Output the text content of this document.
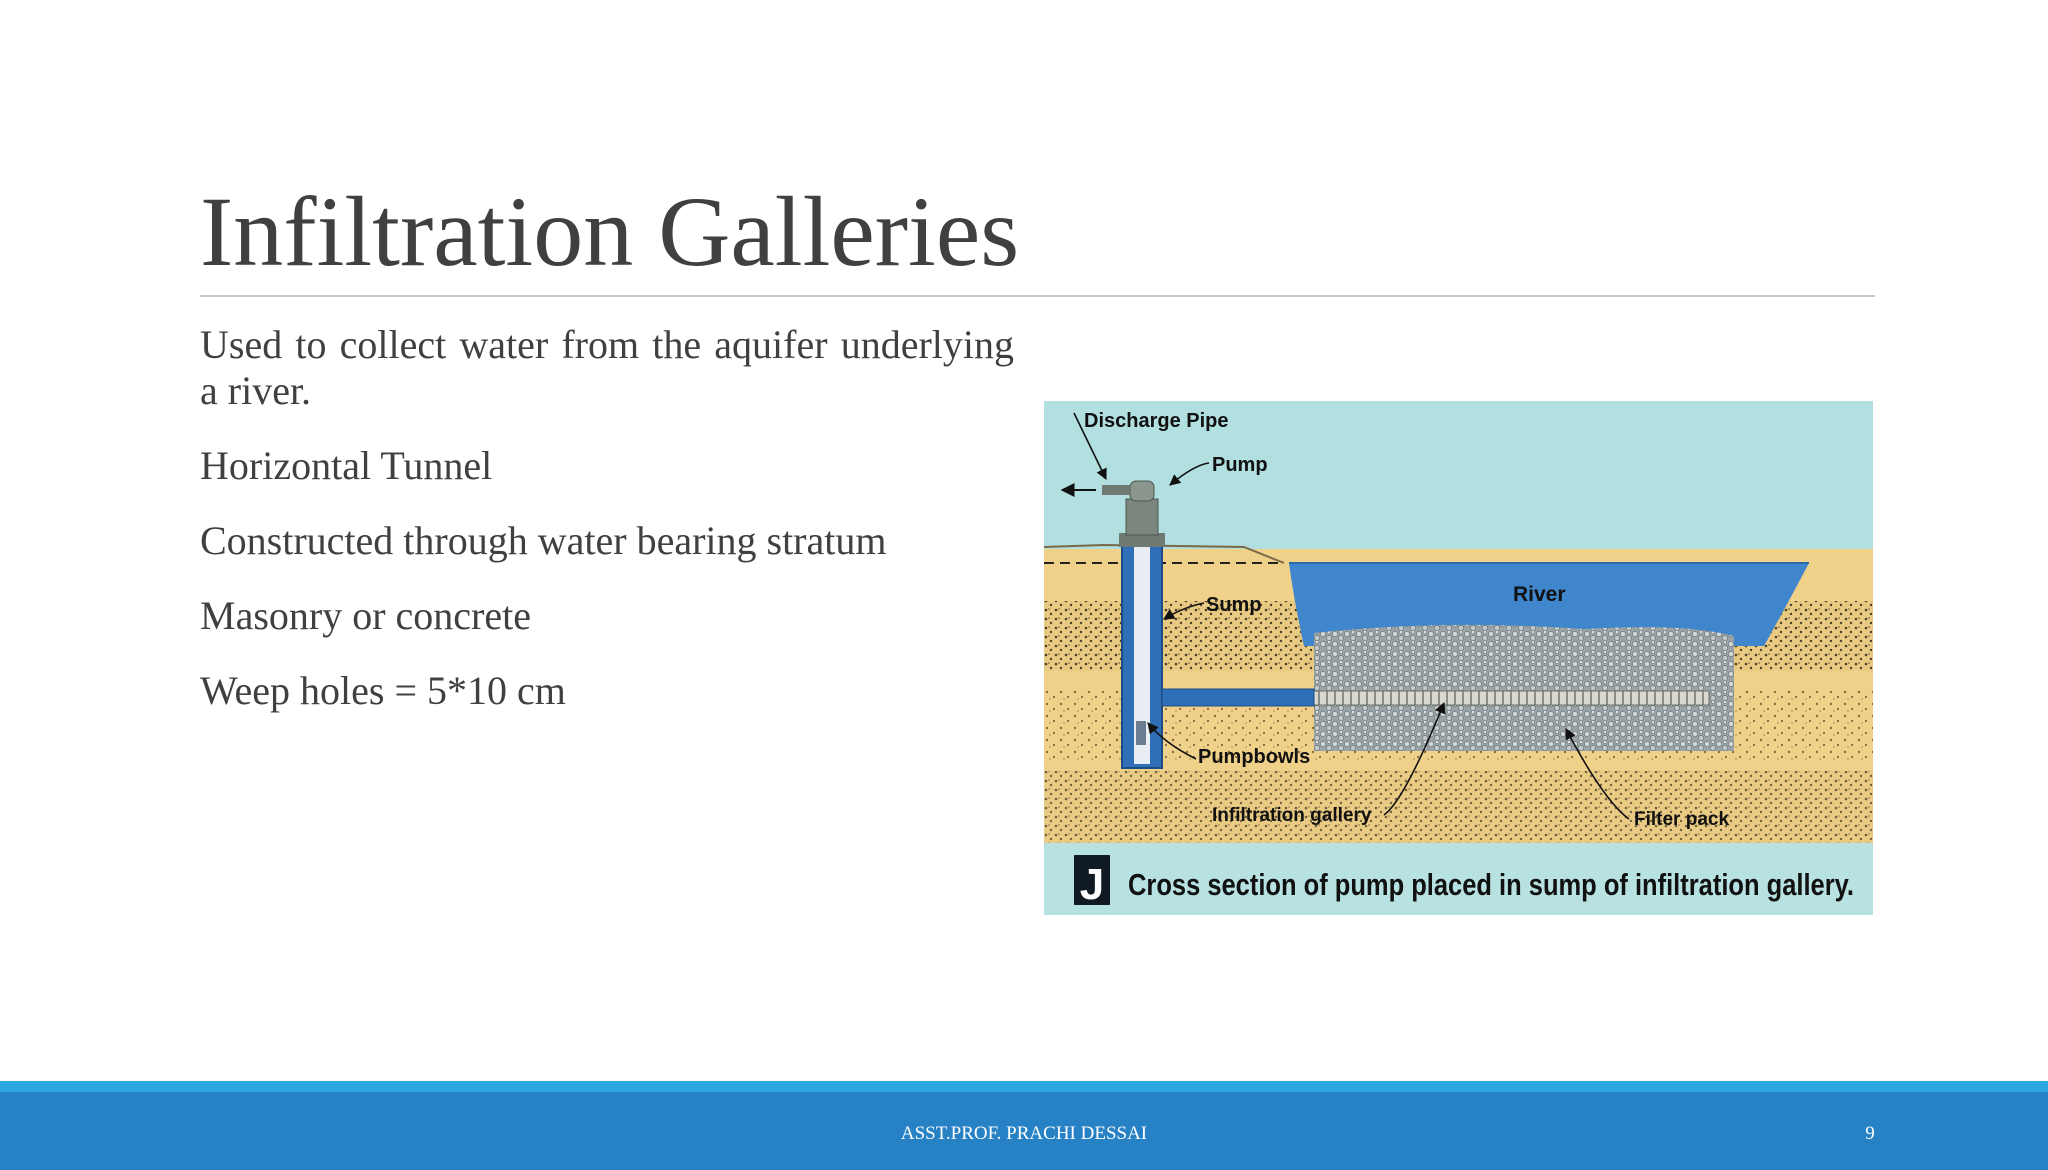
Infiltration Galleries
Used to collect water from the aquifer underlying a river.
Horizontal Tunnel
Constructed through water bearing stratum
Masonry or concrete
Weep holes = 5*10 cm
Discharge Pipe
Pump
Sump	River
Pumpbowls
Infiltration gallery	Filter pack
J Cross section of pump placed in sump of infiltration gallery.
ASST.PROF. PRACHI DESSAI	9
